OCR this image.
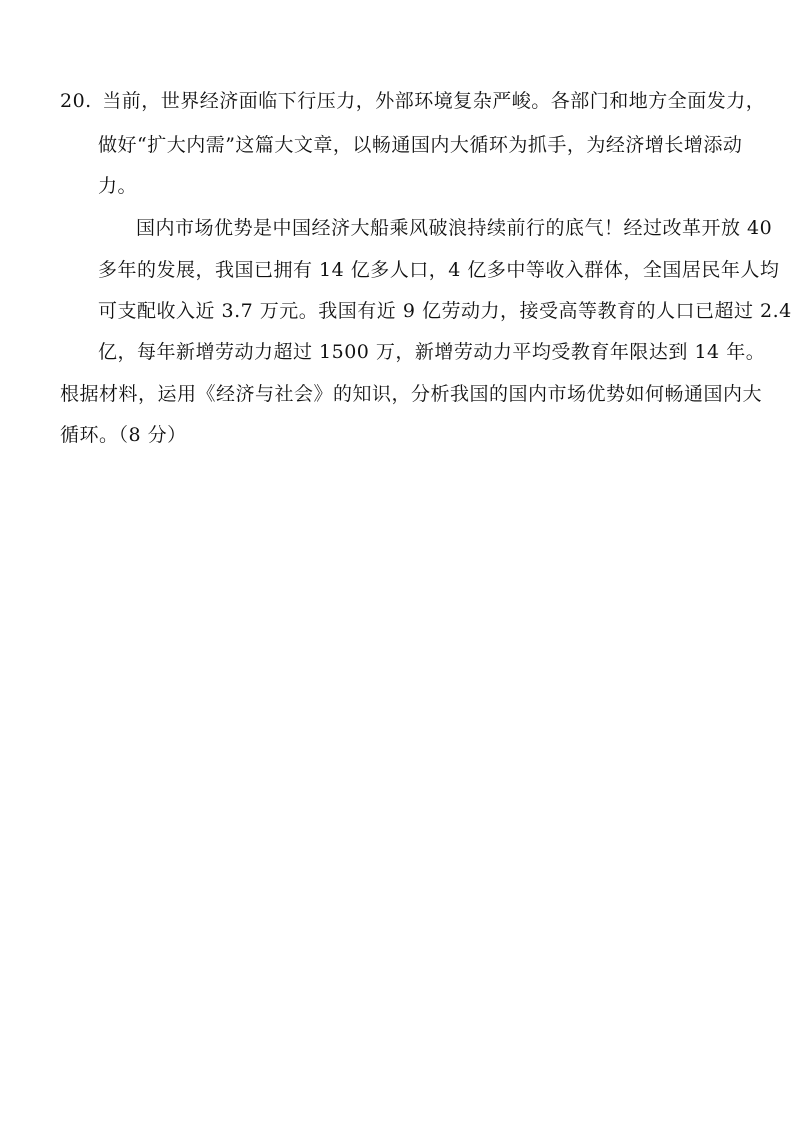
20. 当前，世界经济面临下行压力，外部环境复杂严峻。各部门和地方全面发力，
做好“扩大内需”这篇大文章，以畅通国内大循环为抓手，为经济增长增添动
力。
国内市场优势是中国经济大船乘风破浪持续前行的底气！经过改革开放 40
多年的发展，我国已拥有 14 亿多人口，4 亿多中等收入群体，全国居民年人均
可支配收入近 3.7 万元。我国有近 9 亿劳动力，接受高等教育的人口已超过 2.4
亿，每年新增劳动力超过 1500 万，新增劳动力平均受教育年限达到 14 年。
根据材料，运用《经济与社会》的知识，分析我国的国内市场优势如何畅通国内大
循环。（8 分）
